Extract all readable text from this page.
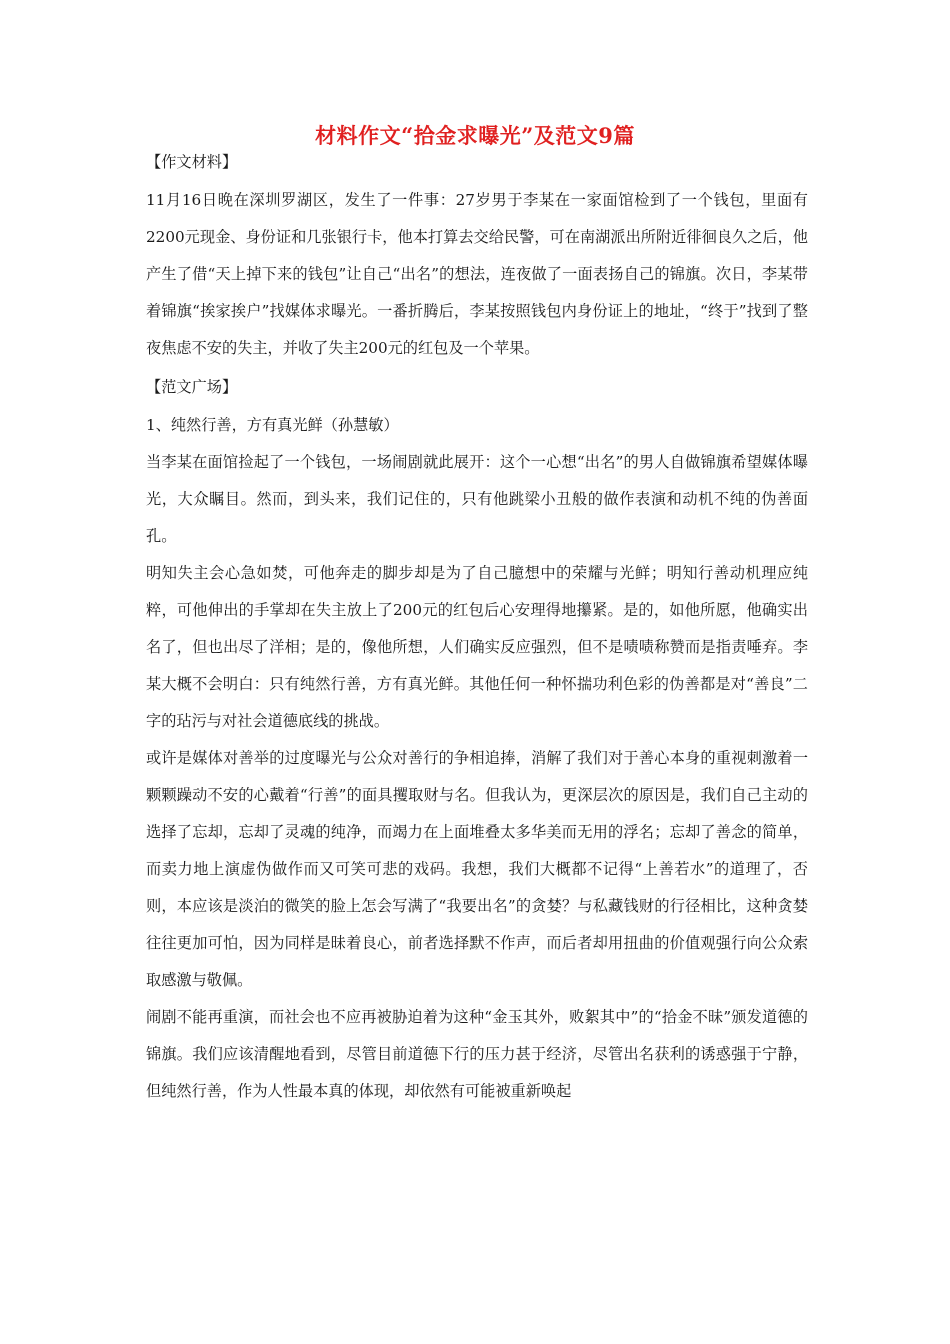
材料作文“拾金求曝光”及范文9篇
【作文材料】
11月16日晚在深圳罗湖区，发生了一件事：27岁男于李某在一家面馆检到了一个钱包，里面有2200元现金、身份证和几张银行卡，他本打算去交给民警，可在南湖派出所附近徘徊良久之后，他产生了借“天上掉下来的钱包”让自己“出名”的想法，连夜做了一面表扬自己的锦旗。次日，李某带着锦旗“挨家挨户”找媒体求曝光。一番折腾后，李某按照钱包内身份证上的地址，“终于”找到了整夜焦虑不安的失主，并收了失主200元的红包及一个苹果。
【范文广场】
1、纯然行善，方有真光鲜（孙慧敏）
当李某在面馆捡起了一个钱包，一场闹剧就此展开：这个一心想“出名”的男人自做锦旗希望媒体曝光，大众瞩目。然而，到头来，我们记住的，只有他跳梁小丑般的做作表演和动机不纯的伪善面孔。
明知失主会心急如焚，可他奔走的脚步却是为了自己臆想中的荣耀与光鲜；明知行善动机理应纯粹，可他伸出的手掌却在失主放上了200元的红包后心安理得地攥紧。是的，如他所愿，他确实出名了，但也出尽了洋相；是的，像他所想，人们确实反应强烈，但不是啧啧称赞而是指责唾弃。李某大概不会明白：只有纯然行善，方有真光鲜。其他任何一种怀揣功利色彩的伪善都是对“善良”二字的玷污与对社会道德底线的挑战。
或许是媒体对善举的过度曝光与公众对善行的争相追捧，消解了我们对于善心本身的重视刺激着一颗颗躁动不安的心戴着“行善”的面具攫取财与名。但我认为，更深层次的原因是，我们自己主动的选择了忘却，忘却了灵魂的纯净，而竭力在上面堆叠太多华美而无用的浮名；忘却了善念的简单，而卖力地上演虚伪做作而又可笑可悲的戏码。我想，我们大概都不记得“上善若水”的道理了，否则，本应该是淡泊的微笑的脸上怎会写满了“我要出名”的贪婪？与私藏钱财的行径相比，这种贪婪往往更加可怕，因为同样是昧着良心，前者选择默不作声，而后者却用扭曲的价值观强行向公众索取感激与敬佩。
闹剧不能再重演，而社会也不应再被胁迫着为这种“金玉其外，败絮其中”的“拾金不昧”颁发道德的锦旗。我们应该清醒地看到，尽管目前道德下行的压力甚于经济，尽管出名获利的诱惑强于宁静，但纯然行善，作为人性最本真的体现，却依然有可能被重新唤起
